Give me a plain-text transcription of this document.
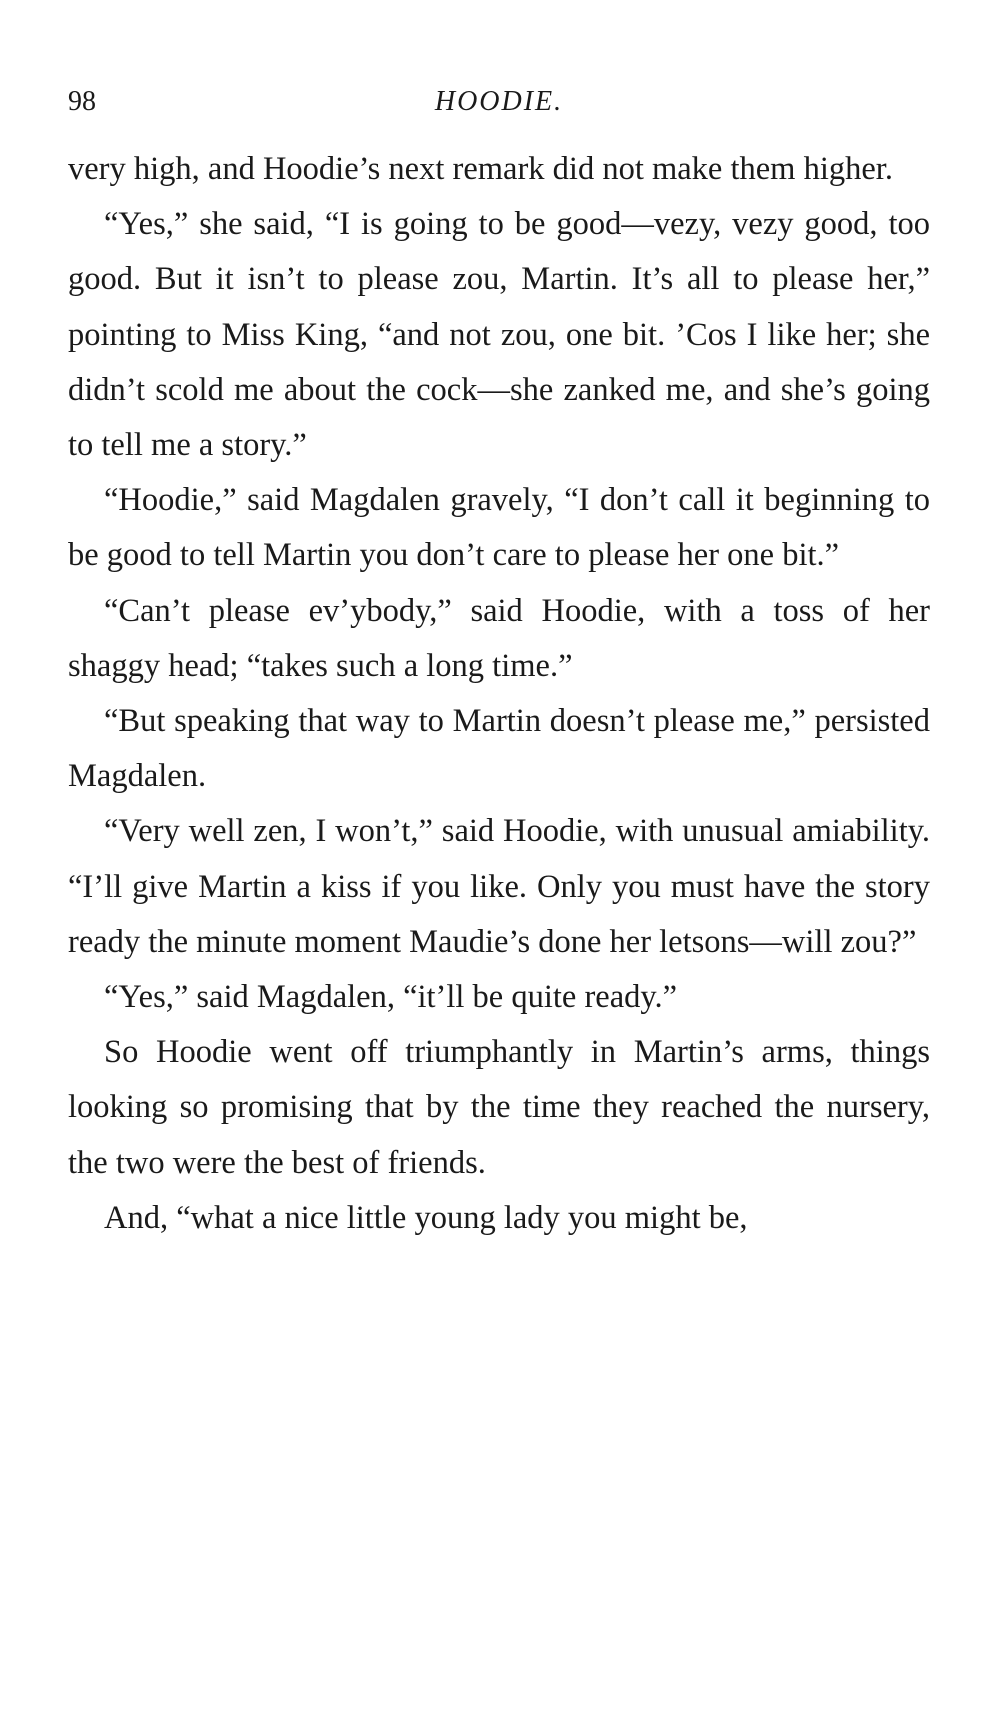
98	HOODIE.

very high, and Hoodie’s next remark did not make them higher.

“Yes,” she said, “I is going to be good—vezy, vezy good, too good. But it isn’t to please zou, Martin. It’s all to please her,” pointing to Miss King, “and not zou, one bit. ’Cos I like her; she didn’t scold me about the cock—she zanked me, and she’s going to tell me a story.”

“Hoodie,” said Magdalen gravely, “I don’t call it beginning to be good to tell Martin you don’t care to please her one bit.”

“Can’t please ev’ybody,” said Hoodie, with a toss of her shaggy head; “takes such a long time.”

“But speaking that way to Martin doesn’t please me,” persisted Magdalen.

“Very well zen, I won’t,” said Hoodie, with unusual amiability. “I’ll give Martin a kiss if you like. Only you must have the story ready the minute moment Maudie’s done her letsons—will zou?”

“Yes,” said Magdalen, “it’ll be quite ready.”

So Hoodie went off triumphantly in Martin’s arms, things looking so promising that by the time they reached the nursery, the two were the best of friends.

And, “what a nice little young lady you might be,
